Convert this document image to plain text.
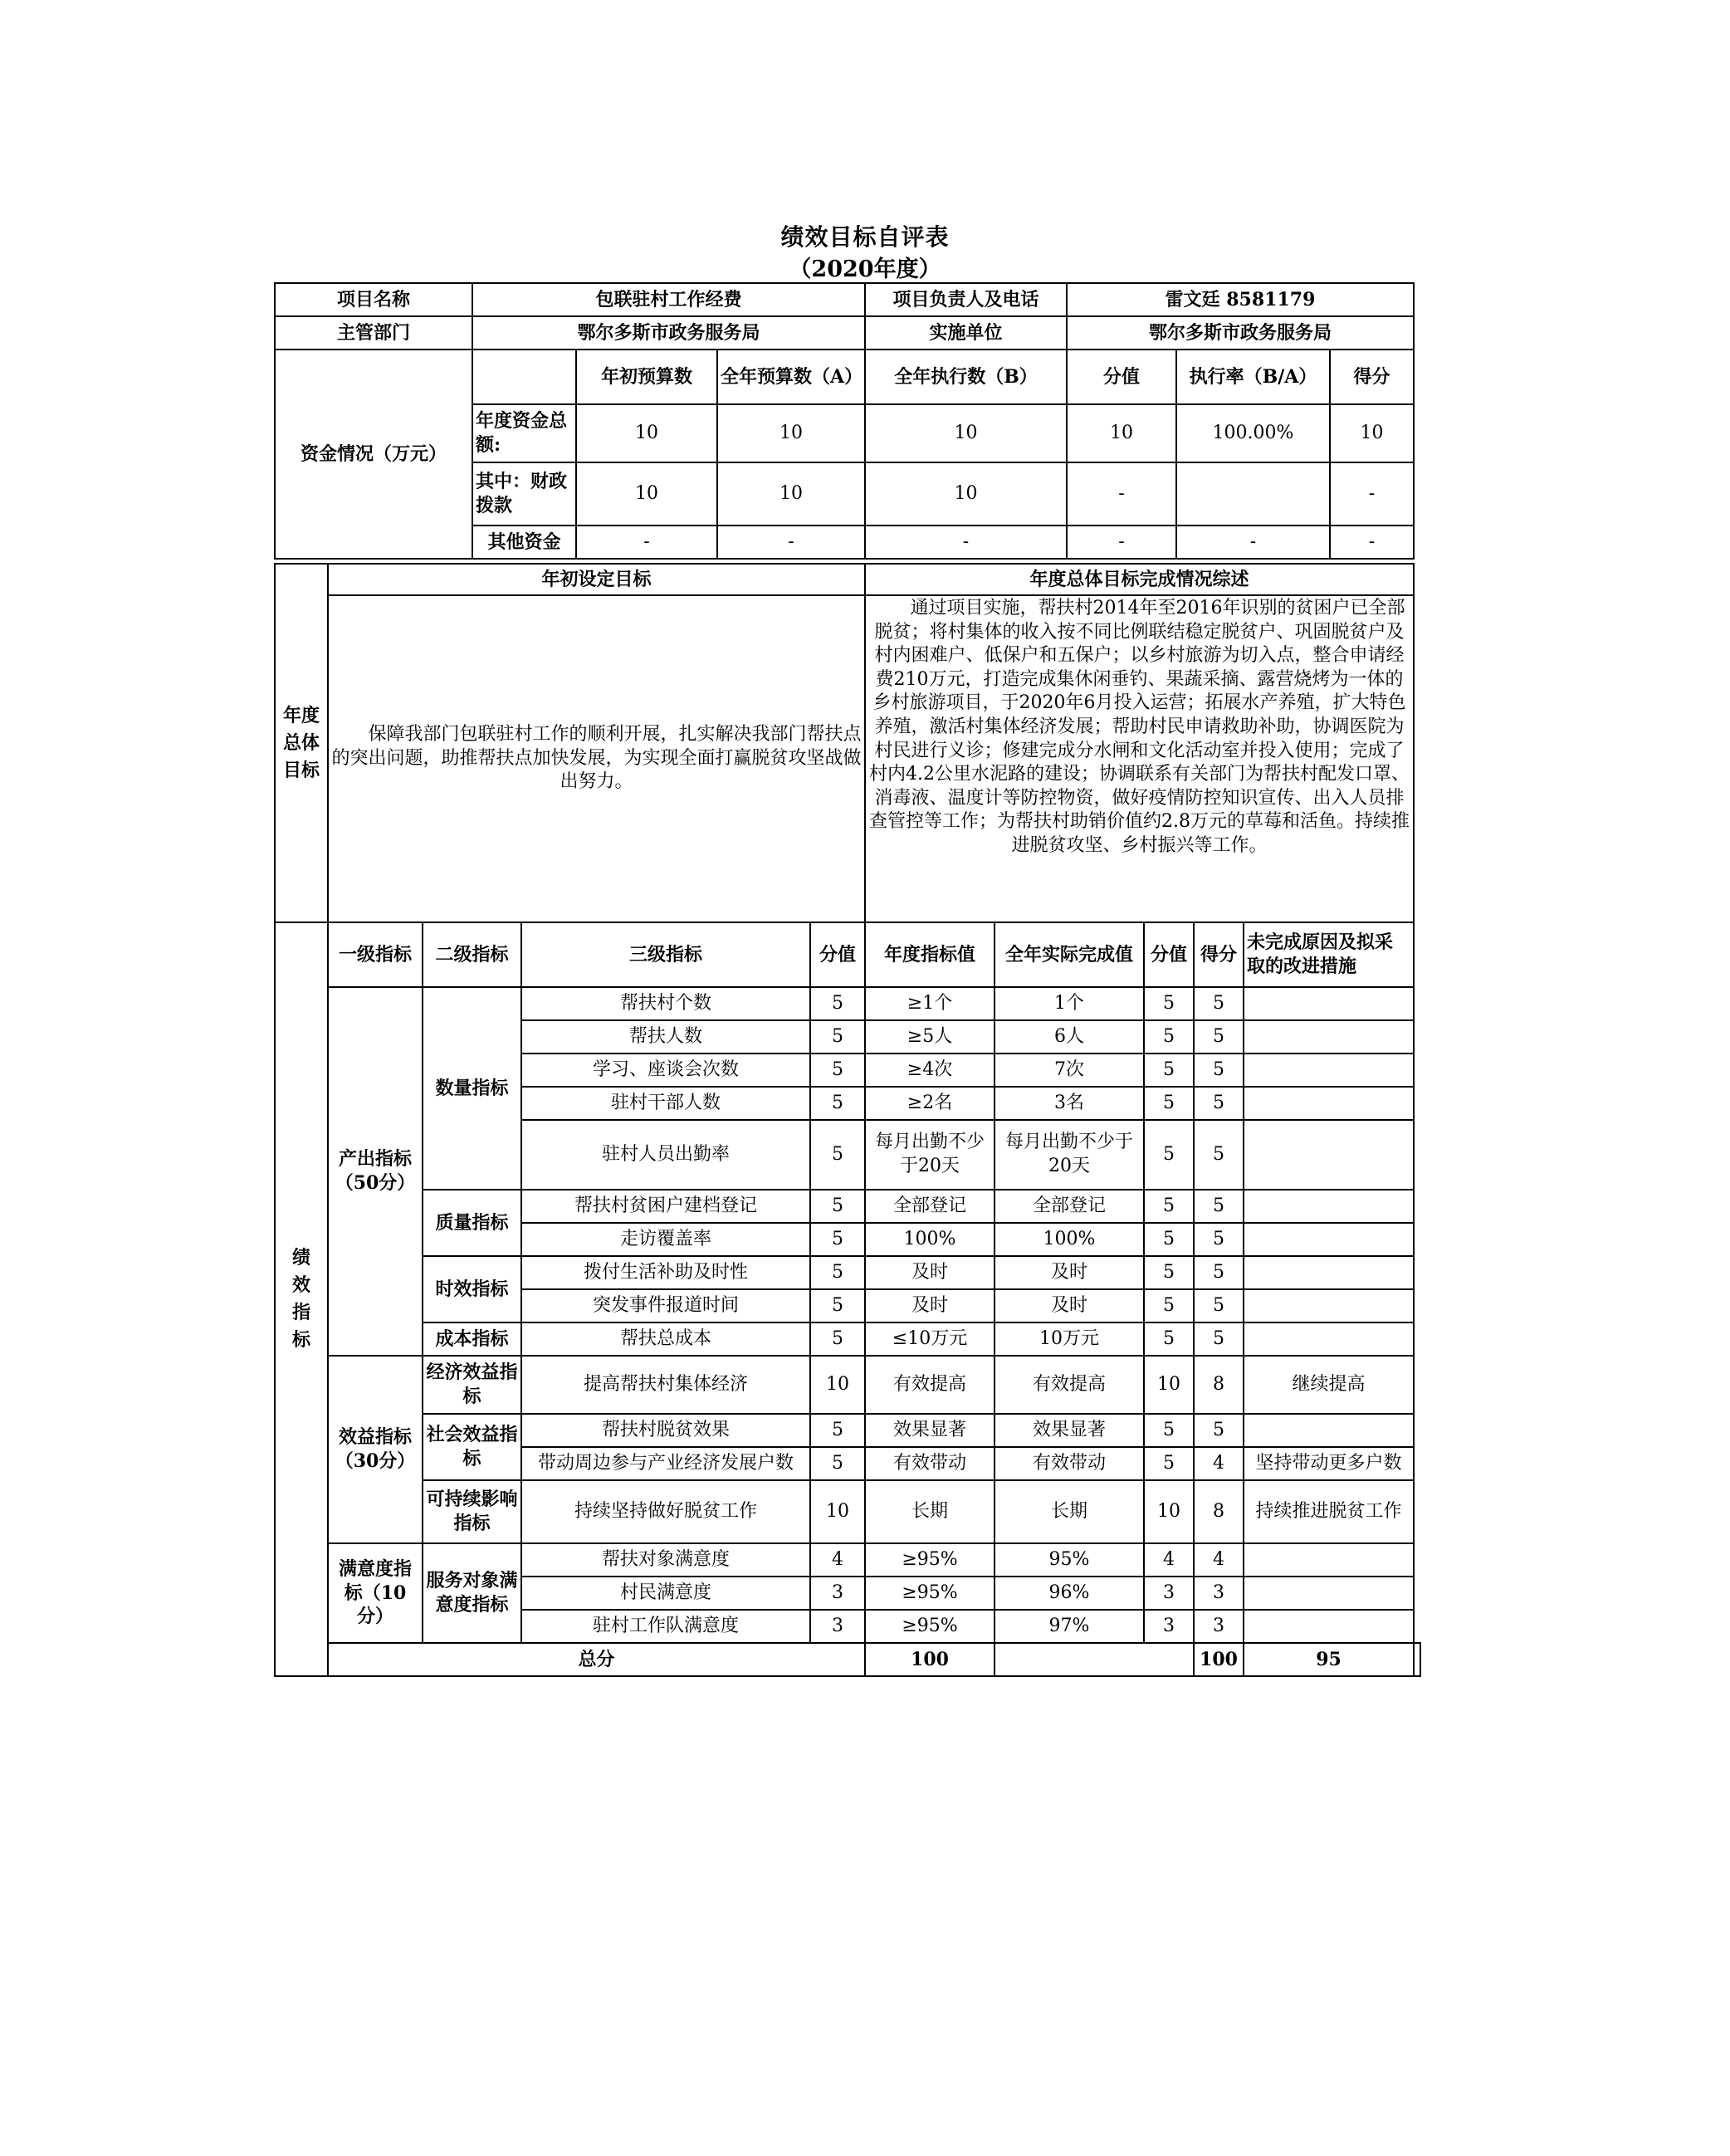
绩效目标自评表
（2020年度）
项目名称	包联驻村工作经费			项目负责人及电话	雷文廷 8581179		
主管部门	鄂尔多斯市政务服务局			实施单位	鄂尔多斯市政务服务局		
资金情况（万元）		年初预算数	全年预算数（A）	全年执行数（B）	分值	执行率（B/A）	得分
	年度资金总额:	10	10	10	10	100.00%	10
	其中：财政拨款	10	10	10	-		-
	其他资金	-	-	-	-	-	-
年度总体目标	年初设定目标	年度总体目标完成情况综述
	保障我部门包联驻村工作的顺利开展，扎实解决我部门帮扶点的突出问题，助推帮扶点加快发展，为实现全面打赢脱贫攻坚战做出努力。	通过项目实施，帮扶村2014年至2016年识别的贫困户已全部脱贫；将村集体的收入按不同比例联结稳定脱贫户、巩固脱贫户及村内困难户、低保户和五保户；以乡村旅游为切入点，整合申请经费210万元，打造完成集休闲垂钓、果蔬采摘、露营烧烤为一体的乡村旅游项目，于2020年6月投入运营；拓展水产养殖，扩大特色养殖，激活村集体经济发展；帮助村民申请救助补助，协调医院为村民进行义诊；修建完成分水闸和文化活动室并投入使用；完成了村内4.2公里水泥路的建设；协调联系有关部门为帮扶村配发口罩、消毒液、温度计等防控物资，做好疫情防控知识宣传、出入人员排查管控等工作；为帮扶村助销价值约2.8万元的草莓和活鱼。持续推进脱贫攻坚、乡村振兴等工作。
绩效指标	一级指标	二级指标	三级指标	分值	年度指标值	全年实际完成值	分值	得分	未完成原因及拟采取的改进措施	
	产出指标（50分）	数量指标	帮扶村个数	5	≥1个	1个	5	5		
			帮扶人数	5	≥5人	6人	5	5		
			学习、座谈会次数	5	≥4次	7次	5	5		
			驻村干部人数	5	≥2名	3名	5	5		
			驻村人员出勤率	5	每月出勤不少于20天	每月出勤不少于20天	5	5		
		质量指标	帮扶村贫困户建档登记	5	全部登记	全部登记	5	5		
			走访覆盖率	5	100%	100%	5	5		
		时效指标	拨付生活补助及时性	5	及时	及时	5	5		
			突发事件报道时间	5	及时	及时	5	5		
		成本指标	帮扶总成本	5	≤10万元	10万元	5	5		
	效益指标（30分）	经济效益指标	提高帮扶村集体经济	10	有效提高	有效提高	10	8	继续提高	
		社会效益指标	帮扶村脱贫效果	5	效果显著	效果显著	5	5		
			带动周边参与产业经济发展户数	5	有效带动	有效带动	5	4	坚持带动更多户数	
		可持续影响指标	持续坚持做好脱贫工作	10	长期	长期	10	8	持续推进脱贫工作	
	满意度指标（10分）	服务对象满意度指标	帮扶对象满意度	4	≥95%	95%	4	4		
			村民满意度	3	≥95%	96%	3	3		
			驻村工作队满意度	3	≥95%	97%	3	3		
	总分				100			100	95	
